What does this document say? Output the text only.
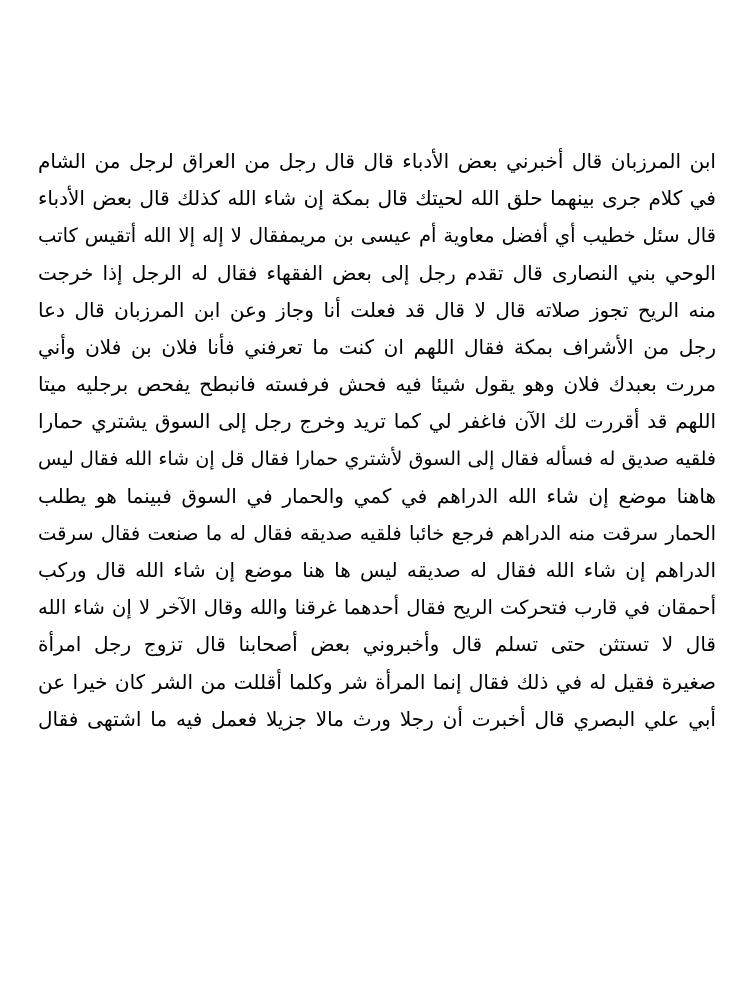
ابن المرزبان قال أخبرني بعض الأدباء قال قال رجل من العراق لرجل من الشام
في كلام جرى بينهما حلق الله لحيتك قال بمكة إن شاء الله كذلك قال بعض الأدباء
قال سئل خطيب أي أفضل معاوية أم عيسى بن مريمفقال لا إله إلا الله أتقيس كاتب
الوحي بني النصارى قال تقدم رجل إلى بعض الفقهاء فقال له الرجل إذا خرجت
منه الريح تجوز صلاته قال لا قال قد فعلت أنا وجاز وعن ابن المرزبان قال دعا
رجل من الأشراف بمكة فقال اللهم ان كنت ما تعرفني فأنا فلان بن فلان وأني
مررت بعبدك فلان وهو يقول شيئا فيه فحش فرفسته فانبطح يفحص برجليه ميتا
اللهم قد أقررت لك الآن فاغفر لي كما تريد وخرج رجل إلى السوق يشتري حمارا
فلقيه صديق له فسأله فقال إلى السوق لأشتري حمارا فقال قل إن شاء الله فقال ليس
هاهنا موضع إن شاء الله الدراهم في كمي والحمار في السوق فبينما هو يطلب
الحمار سرقت منه الدراهم فرجع خائبا فلقيه صديقه فقال له ما صنعت فقال سرقت
الدراهم إن شاء الله فقال له صديقه ليس ها هنا موضع إن شاء الله قال وركب
أحمقان في قارب فتحركت الريح فقال أحدهما غرقنا والله وقال الآخر لا إن شاء الله
قال لا تستثن حتى تسلم قال وأخبروني بعض أصحابنا قال تزوج رجل امرأة
صغيرة فقيل له في ذلك فقال إنما المرأة شر وكلما أقللت من الشر كان خيرا عن
أبي علي البصري قال أخبرت أن رجلا ورث مالا جزيلا فعمل فيه ما اشتهى فقال
